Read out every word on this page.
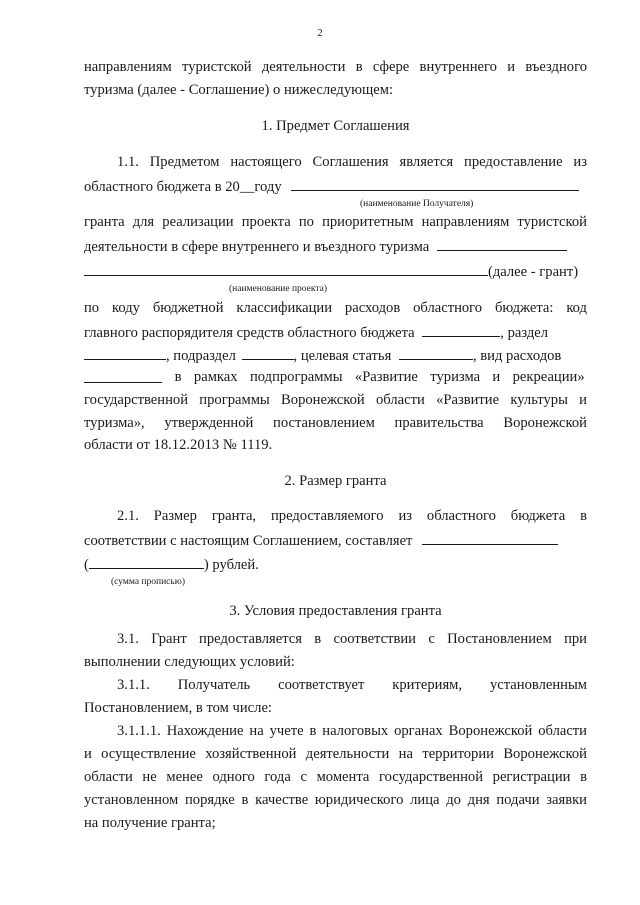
2
направлениям туристской деятельности в сфере внутреннего и въездного
туризма (далее - Соглашение) о нижеследующем:
1. Предмет Соглашения
1.1. Предметом настоящего Соглашения является предоставление из
областного бюджета в 20__году
(наименование Получателя)
гранта для реализации проекта по приоритетным направлениям туристской
деятельности в сфере внутреннего и въездного туризма
(далее - грант)
(наименование проекта)
по коду бюджетной классификации расходов областного бюджета: код
главного распорядителя средств областного бюджета	, раздел
, подраздел	, целевая статья	, вид расходов
в рамках подпрограммы «Развитие туризма и рекреации»
государственной программы Воронежской области «Развитие культуры и
туризма», утвержденной постановлением правительства Воронежской
области от 18.12.2013 № 1119.
2. Размер гранта
2.1. Размер гранта, предоставляемого из областного бюджета в
соответствии с настоящим Соглашением, составляет
(	) рублей.
(сумма прописью)
3. Условия предоставления гранта
3.1. Грант предоставляется в соответствии с Постановлением при
выполнении следующих условий:
3.1.1. Получатель соответствует критериям, установленным
Постановлением, в том числе:
3.1.1.1. Нахождение на учете в налоговых органах Воронежской области
и осуществление хозяйственной деятельности на территории Воронежской
области не менее одного года с момента государственной регистрации в
установленном порядке в качестве юридического лица до дня подачи заявки
на получение гранта;
